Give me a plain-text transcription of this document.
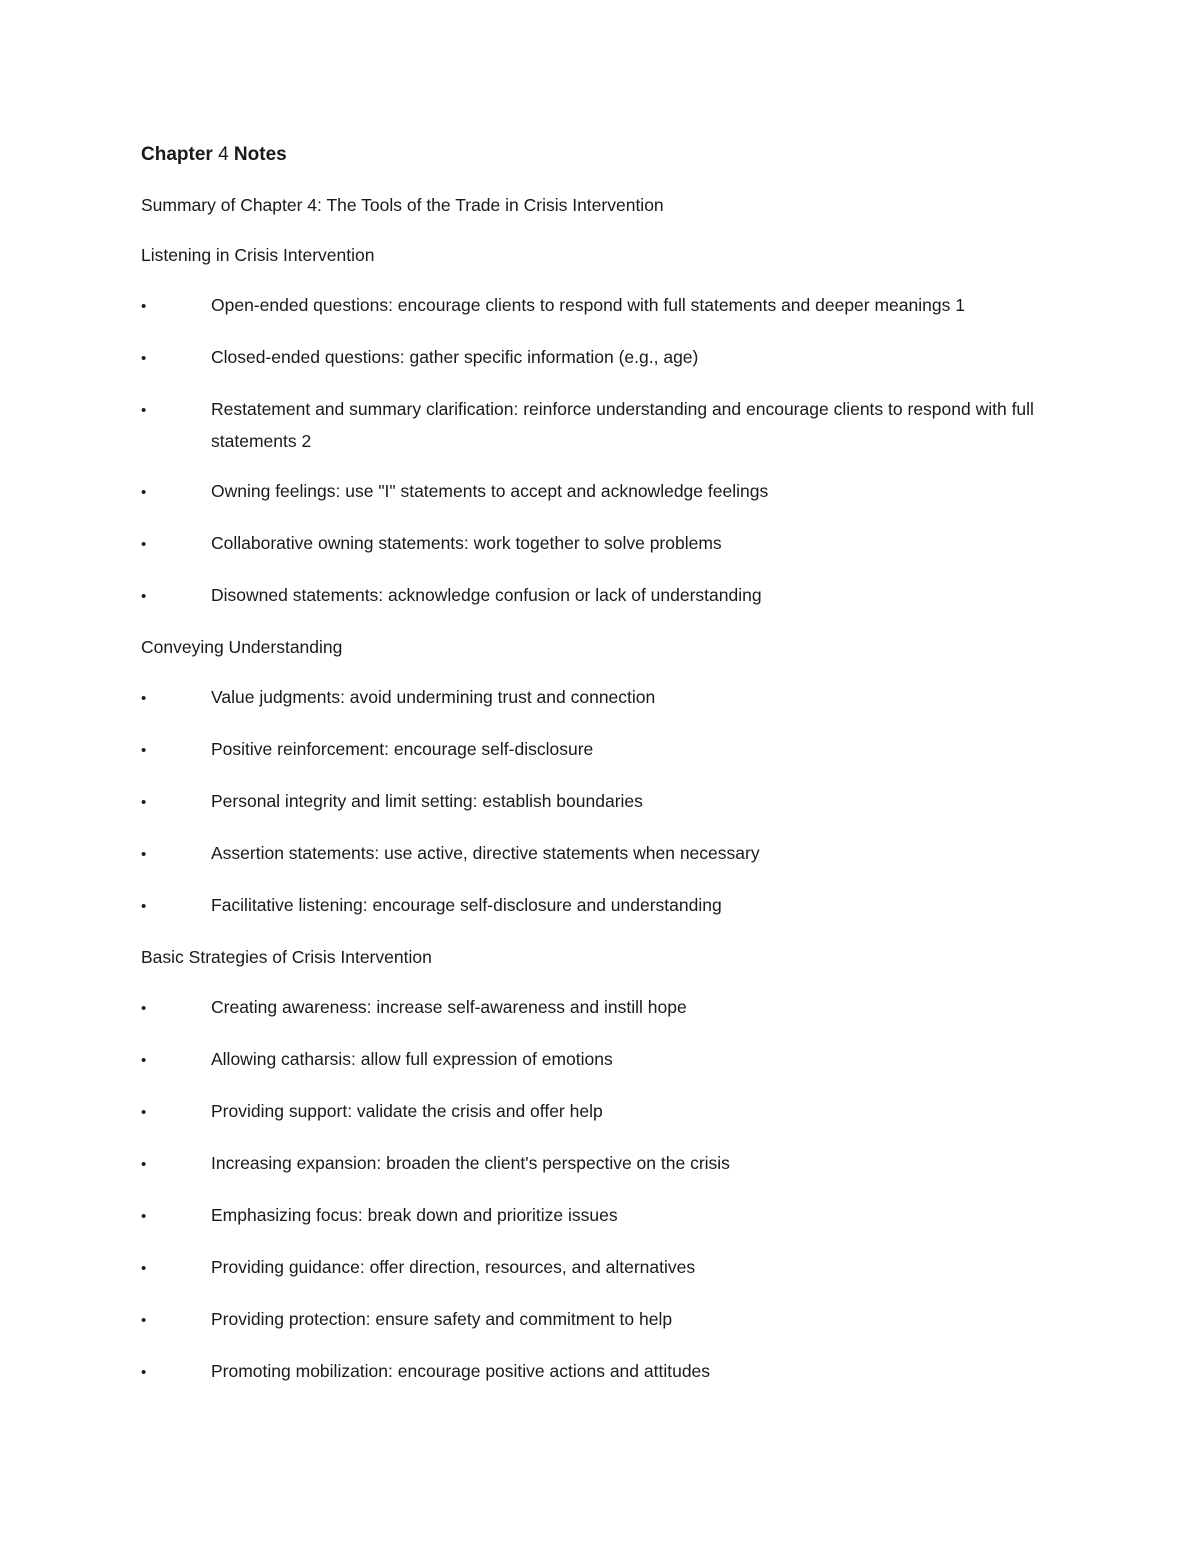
Chapter 4 Notes

Summary of Chapter 4: The Tools of the Trade in Crisis Intervention

Listening in Crisis Intervention

•	Open-ended questions: encourage clients to respond with full statements and deeper meanings 1

•	Closed-ended questions: gather specific information (e.g., age)

•	Restatement and summary clarification: reinforce understanding and encourage clients to respond with full statements 2

•	Owning feelings: use "I" statements to accept and acknowledge feelings

•	Collaborative owning statements: work together to solve problems

•	Disowned statements: acknowledge confusion or lack of understanding

Conveying Understanding

•	Value judgments: avoid undermining trust and connection

•	Positive reinforcement: encourage self-disclosure

•	Personal integrity and limit setting: establish boundaries

•	Assertion statements: use active, directive statements when necessary

•	Facilitative listening: encourage self-disclosure and understanding

Basic Strategies of Crisis Intervention

•	Creating awareness: increase self-awareness and instill hope

•	Allowing catharsis: allow full expression of emotions

•	Providing support: validate the crisis and offer help

•	Increasing expansion: broaden the client's perspective on the crisis

•	Emphasizing focus: break down and prioritize issues

•	Providing guidance: offer direction, resources, and alternatives

•	Providing protection: ensure safety and commitment to help

•	Promoting mobilization: encourage positive actions and attitudes
